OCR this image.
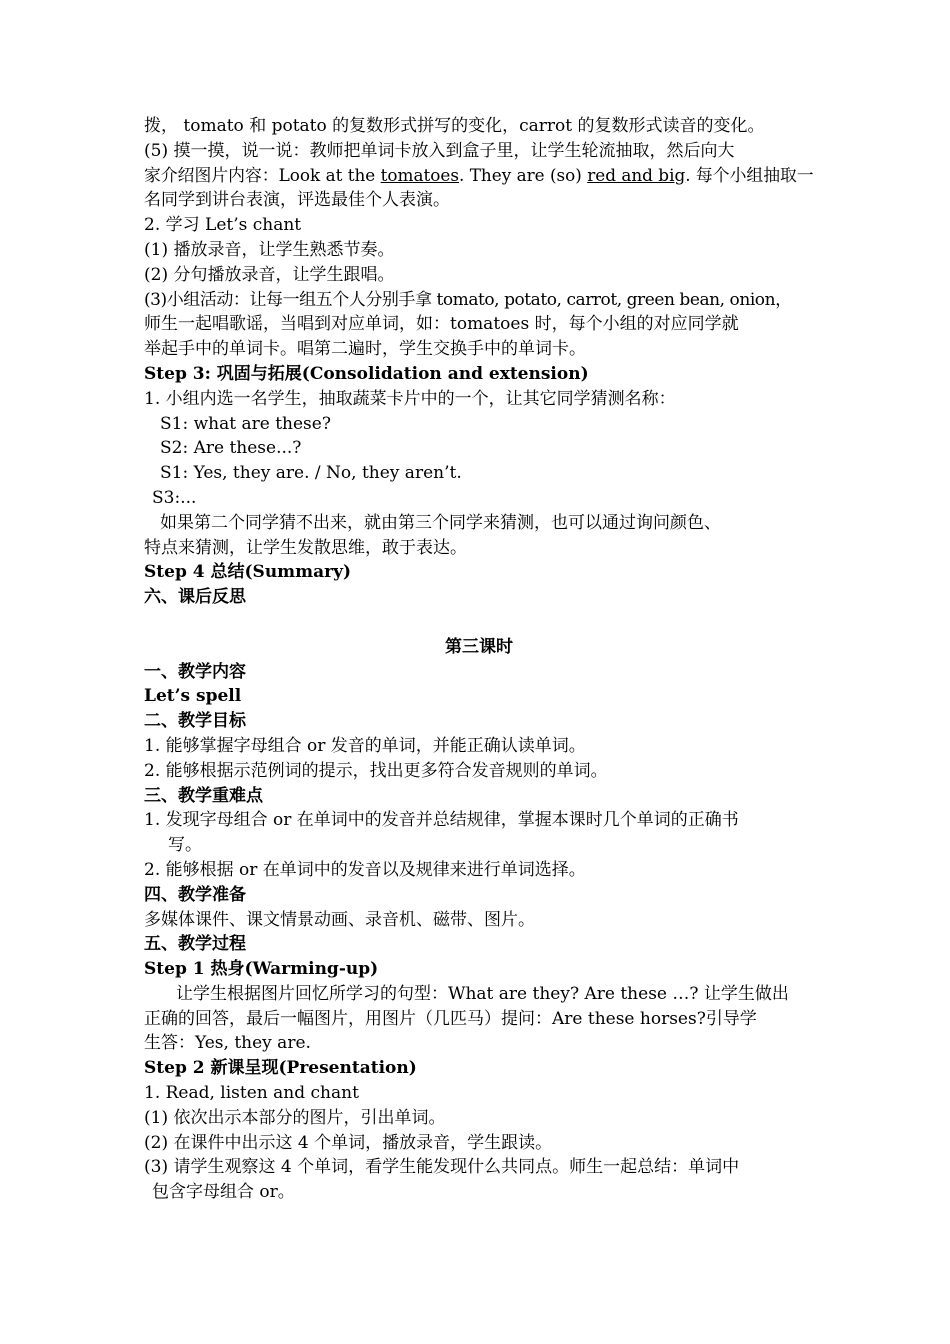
拨， tomato 和 potato 的复数形式拼写的变化，carrot 的复数形式读音的变化。
(5) 摸一摸，说一说：教师把单词卡放入到盒子里，让学生轮流抽取，然后向大
家介绍图片内容：Look at the tomatoes. They are (so) red and big. 每个小组抽取一
名同学到讲台表演，评选最佳个人表演。
2. 学习 Let’s chant
(1) 播放录音，让学生熟悉节奏。
(2) 分句播放录音，让学生跟唱。
(3)小组活动：让每一组五个人分别手拿 tomato, potato, carrot, green bean, onion，
师生一起唱歌谣，当唱到对应单词，如：tomatoes 时，每个小组的对应同学就
举起手中的单词卡。唱第二遍时，学生交换手中的单词卡。
Step 3: 巩固与拓展(Consolidation and extension)
1. 小组内选一名学生，抽取蔬菜卡片中的一个，让其它同学猜测名称：
S1: what are these?
S2: Are these...?
S1: Yes, they are. / No, they aren’t.
S3:...
如果第二个同学猜不出来，就由第三个同学来猜测，也可以通过询问颜色、
特点来猜测，让学生发散思维，敢于表达。
Step 4 总结(Summary)
六、课后反思
第三课时
一、教学内容
Let’s spell
二、教学目标
1. 能够掌握字母组合 or 发音的单词，并能正确认读单词。
2. 能够根据示范例词的提示，找出更多符合发音规则的单词。
三、教学重难点
1. 发现字母组合 or 在单词中的发音并总结规律，掌握本课时几个单词的正确书
写。
2. 能够根据 or 在单词中的发音以及规律来进行单词选择。
四、教学准备
多媒体课件、课文情景动画、录音机、磁带、图片。
五、教学过程
Step 1 热身(Warming-up)
让学生根据图片回忆所学习的句型：What are they? Are these …? 让学生做出
正确的回答，最后一幅图片，用图片（几匹马）提问：Are these horses?引导学
生答：Yes, they are.
Step 2 新课呈现(Presentation)
1. Read, listen and chant
(1) 依次出示本部分的图片，引出单词。
(2) 在课件中出示这 4 个单词，播放录音，学生跟读。
(3) 请学生观察这 4 个单词，看学生能发现什么共同点。师生一起总结：单词中
包含字母组合 or。
